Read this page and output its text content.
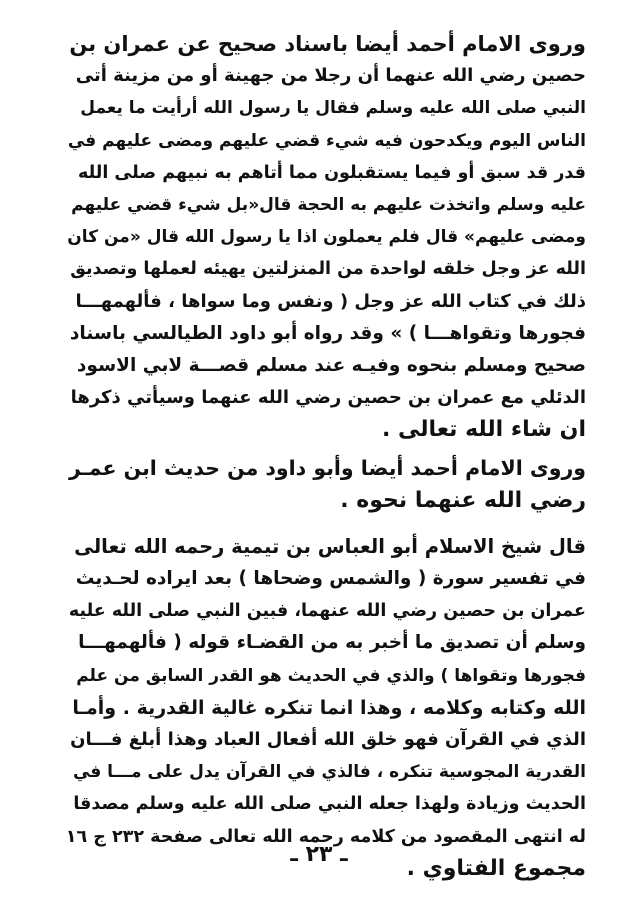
وروى الامام أحمد أيضا باسناد صحيح عن عمران بن
حصين رضي الله عنهما أن رجلا من جهينة أو من مزينة أتى
النبي صلى الله عليه وسلم فقال يا رسول الله أرأيت ما يعمل
الناس اليوم ويكدحون فيه شيء قضي عليهم ومضى عليهم في
قدر قد سبق أو فيما يستقبلون مما أتاهم به نبيهم صلى الله
عليه وسلم واتخذت عليهم به الحجة قال«بل شيء قضي عليهم
ومضى عليهم» قال فلم يعملون اذا يا رسول الله قال «من كان
الله عز وجل خلقه لواحدة من المنزلتين يهيئه لعملها وتصديق
ذلك في كتاب الله عز وجل ( ونفس وما سواها ، فألهمهـــا
فجورها وتقواهـــا ) » وقد رواه أبو داود الطيالسي باسناد
صحيح ومسلم بنحوه وفيـه عند مسلم قصـــة لابي الاسود
الدئلي مع عمران بن حصين رضي الله عنهما وسيأتي ذكرها
ان شاء الله تعالى .
وروى الامام أحمد أيضا وأبو داود من حديث ابن عمـر
رضي الله عنهما نحوه .
قال شيخ الاسلام أبو العباس بن تيمية رحمه الله تعالى
في تفسير سورة ( والشمس وضحاها ) بعد ايراده لحـديث
عمران بن حصين رضي الله عنهما، فبين النبي صلى الله عليه
وسلم أن تصديق ما أخبر به من القضـاء قوله ( فألهمهـــا
فجورها وتقواها ) والذي في الحديث هو القدر السابق من علم
الله وكتابه وكلامه ، وهذا انما تنكره غالية القدرية . وأمـا
الذي في القرآن فهو خلق الله أفعال العباد وهذا أبلغ فـــان
القدرية المجوسية تنكره ، فالذي في القرآن يدل على مـــا في
الحديث وزيادة ولهذا جعله النبي صلى الله عليه وسلم مصدقا
له انتهى المقصود من كلامه رحمه الله تعالى صفحة ٢٣٢ ج ١٦
مجموع الفتاوي .
ـ ٢٣ ـ
